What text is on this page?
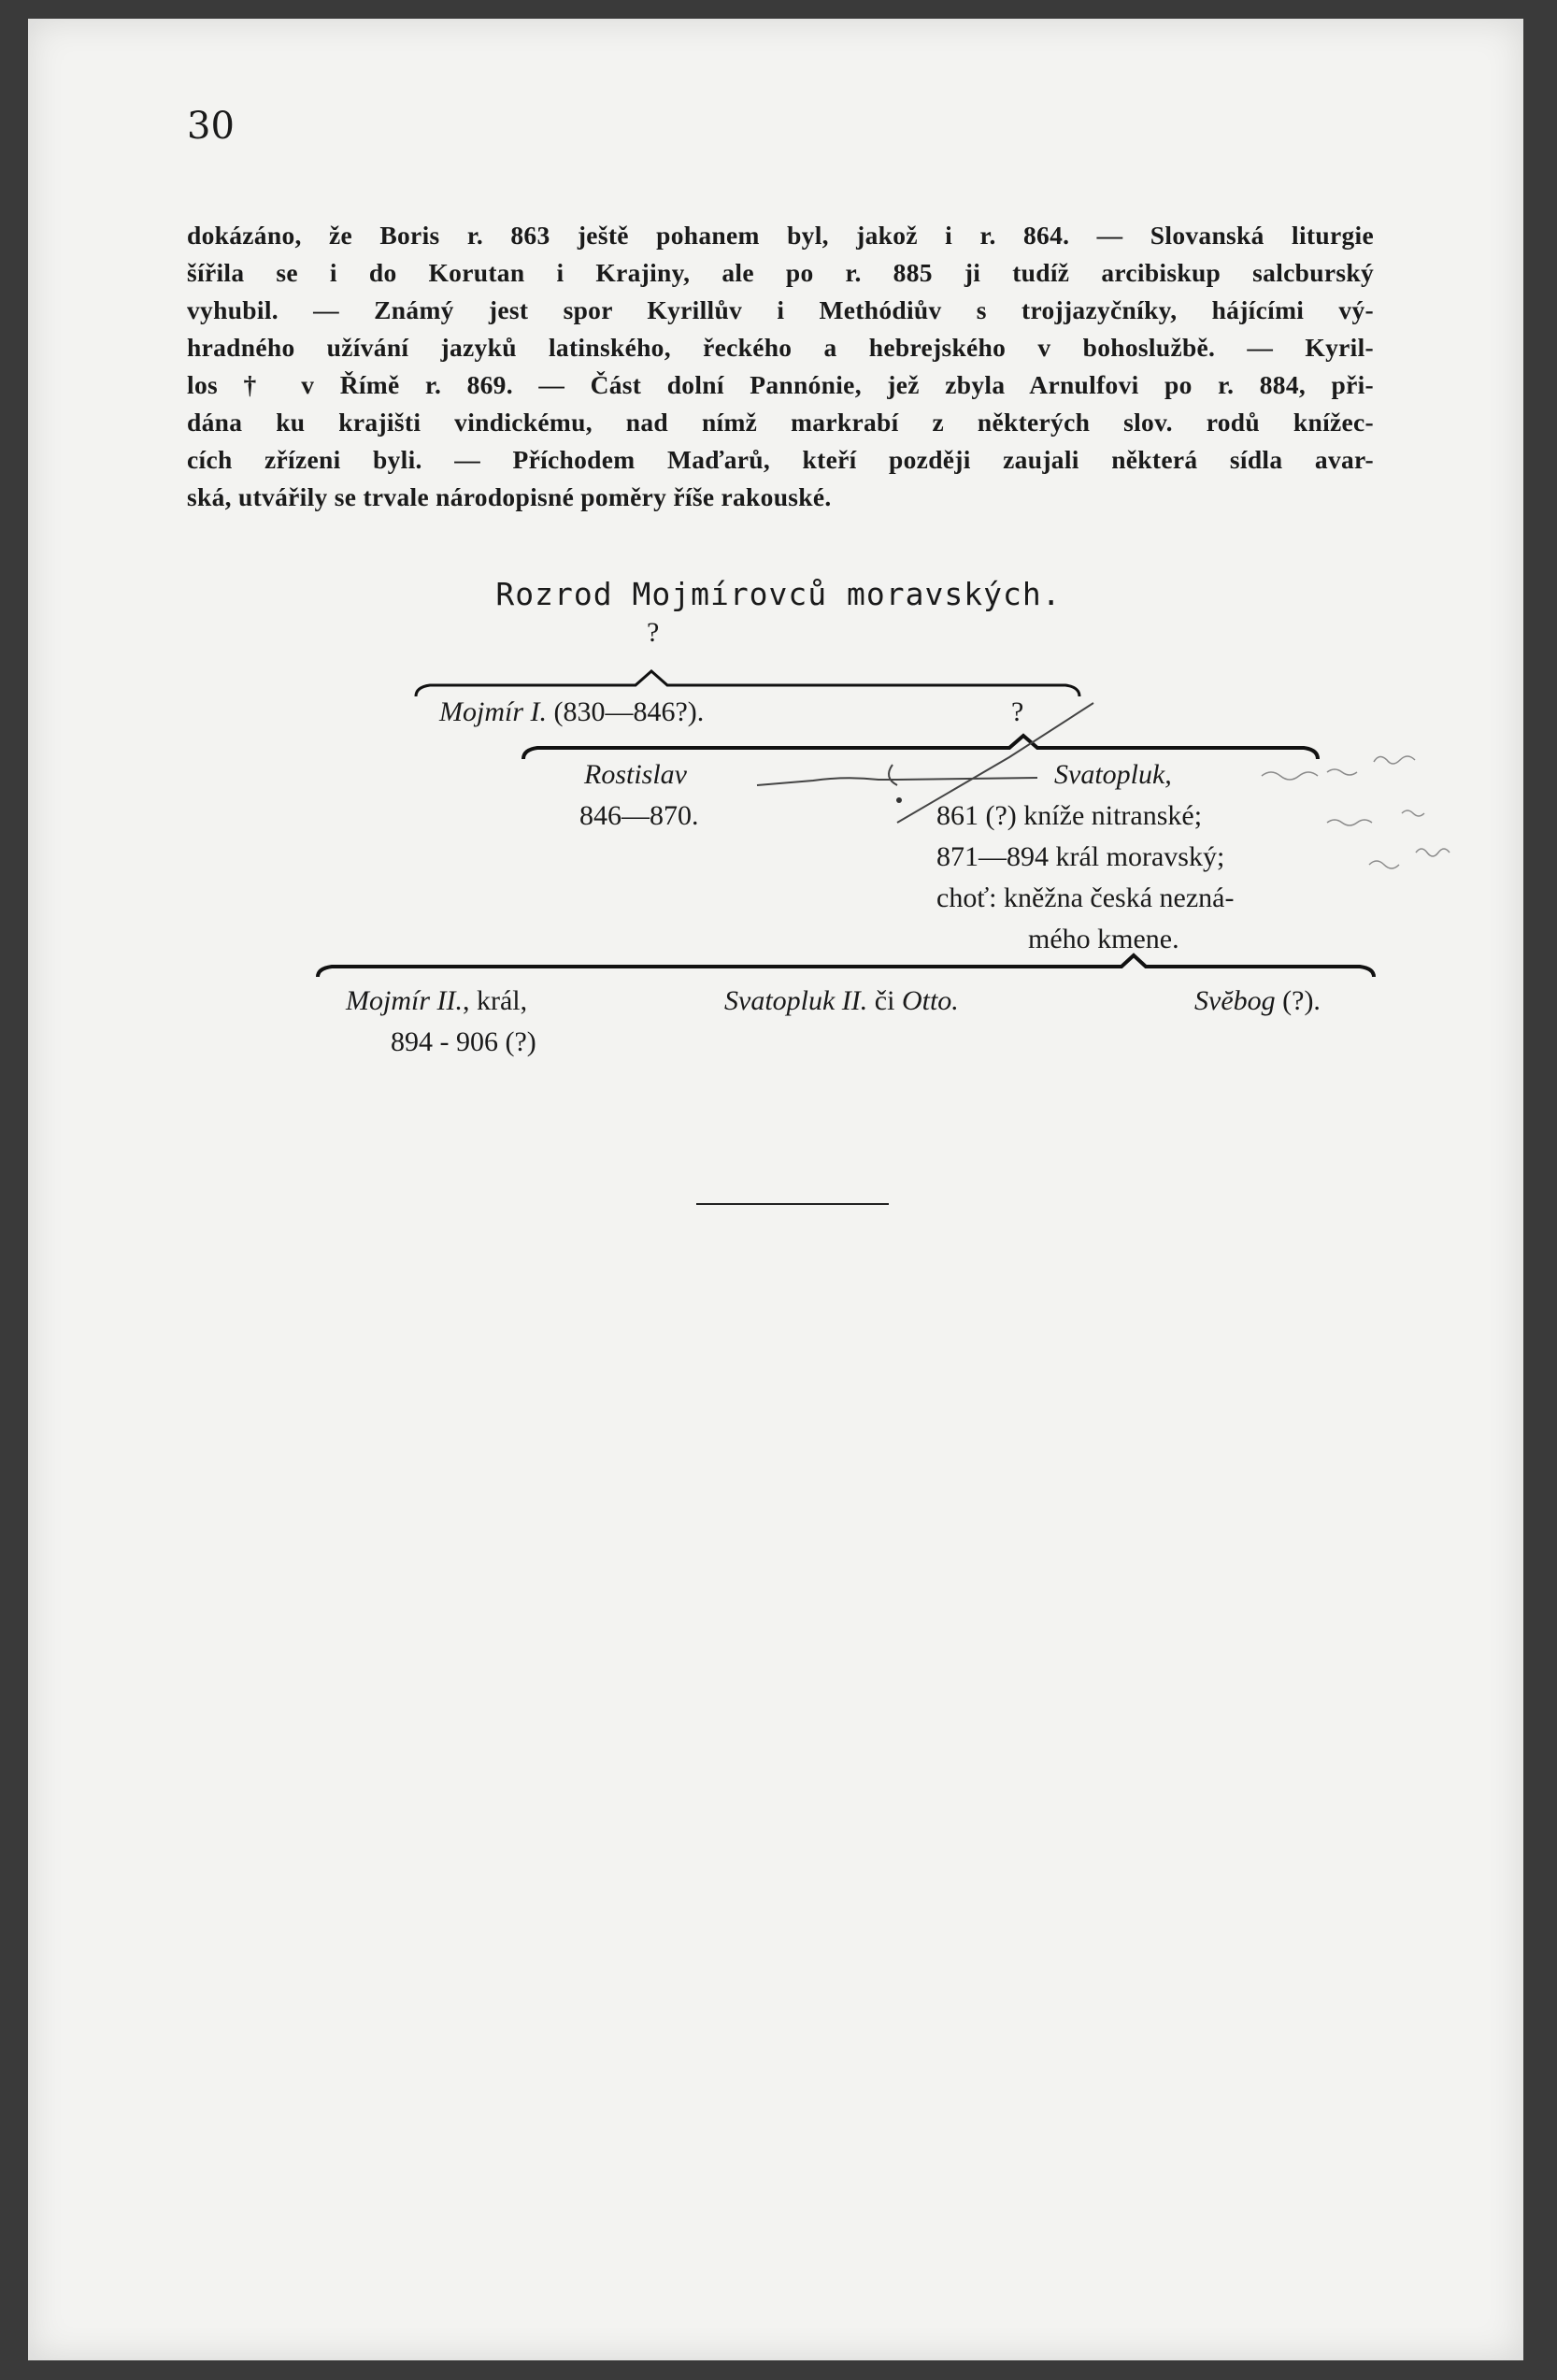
30

dokázáno, že Boris r. 863 ještě pohanem byl, jakož i r. 864. — Slovanská liturgie
šířila se i do Korutan i Krajiny, ale po r. 885 ji tudíž arcibiskup salcburský
vyhubil. — Známý jest spor Kyrillův i Methódiův s trojjazyčníky, hájícími vý-
hradného užívání jazyků latinského, řeckého a hebrejského v bohoslužbě. — Kyril-
los † v Římě r. 869. — Část dolní Pannónie, jež zbyla Arnulfovi po r. 884, při-
dána ku krajišti vindickému, nad nímž markrabí z některých slov. rodů knížec-
cích zřízeni byli. — Příchodem Maďarů, kteří později zaujali některá sídla avar-
ská, utvářily se trvale národopisné poměry říše rakouské.

Rozrod Mojmírovců moravských.
?
Mojmír I. (830—846?).	?
Rostislav
846—870.
Svatopluk,
861 (?) kníže nitranské;
871—894 král moravský;
choť: kněžna česká nezná-
mého kmene.
Mojmír II., král,
894 - 906 (?)
Svatopluk II. či Otto.	Svĕbog (?).
